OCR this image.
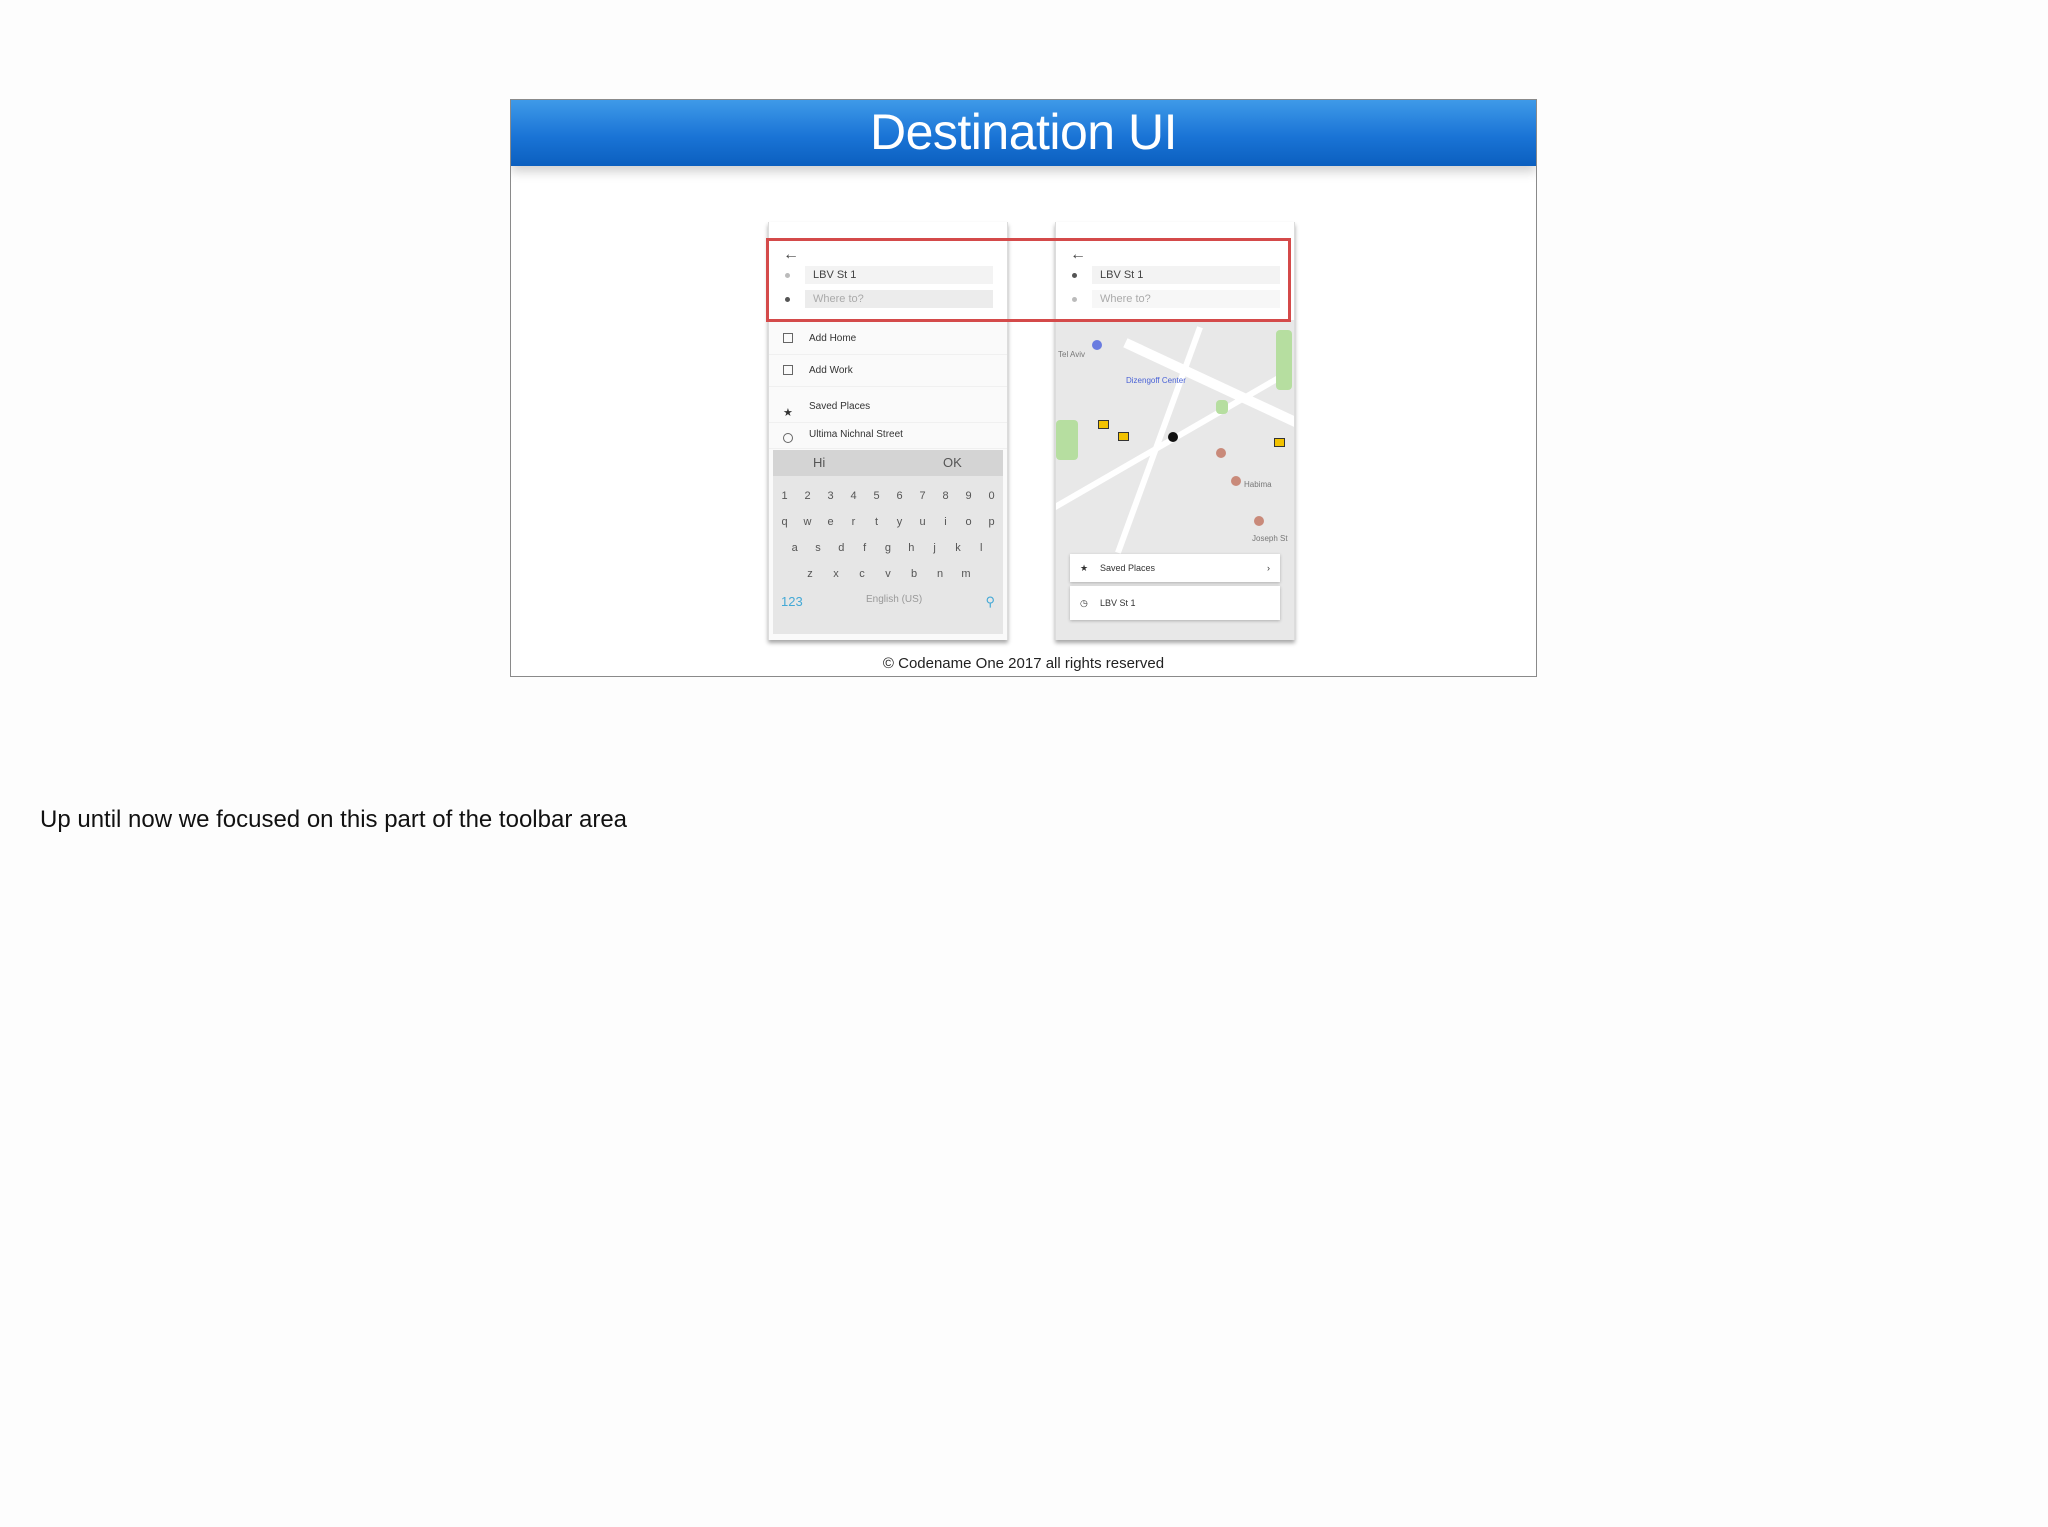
Destination UI
←
LBV St 1
Where to?
Add Home
Add Work
★
Saved Places
Ultima Nichnal Street
Hi	OK
1	2	3	4	5	6	7	8	9	0
q	w	e	r	t	y	u	i	o	p
a	s	d	f	g	h	j	k	l
z	x	c	v	b	n	m
123	English (US)	⚲
←
LBV St 1
Where to?
Tel Aviv
Dizengoff Center
Habima
Joseph St
★ Saved Places	›
◷ LBV St 1
© Codename One 2017 all rights reserved
Up until now we focused on this part of the toolbar area
